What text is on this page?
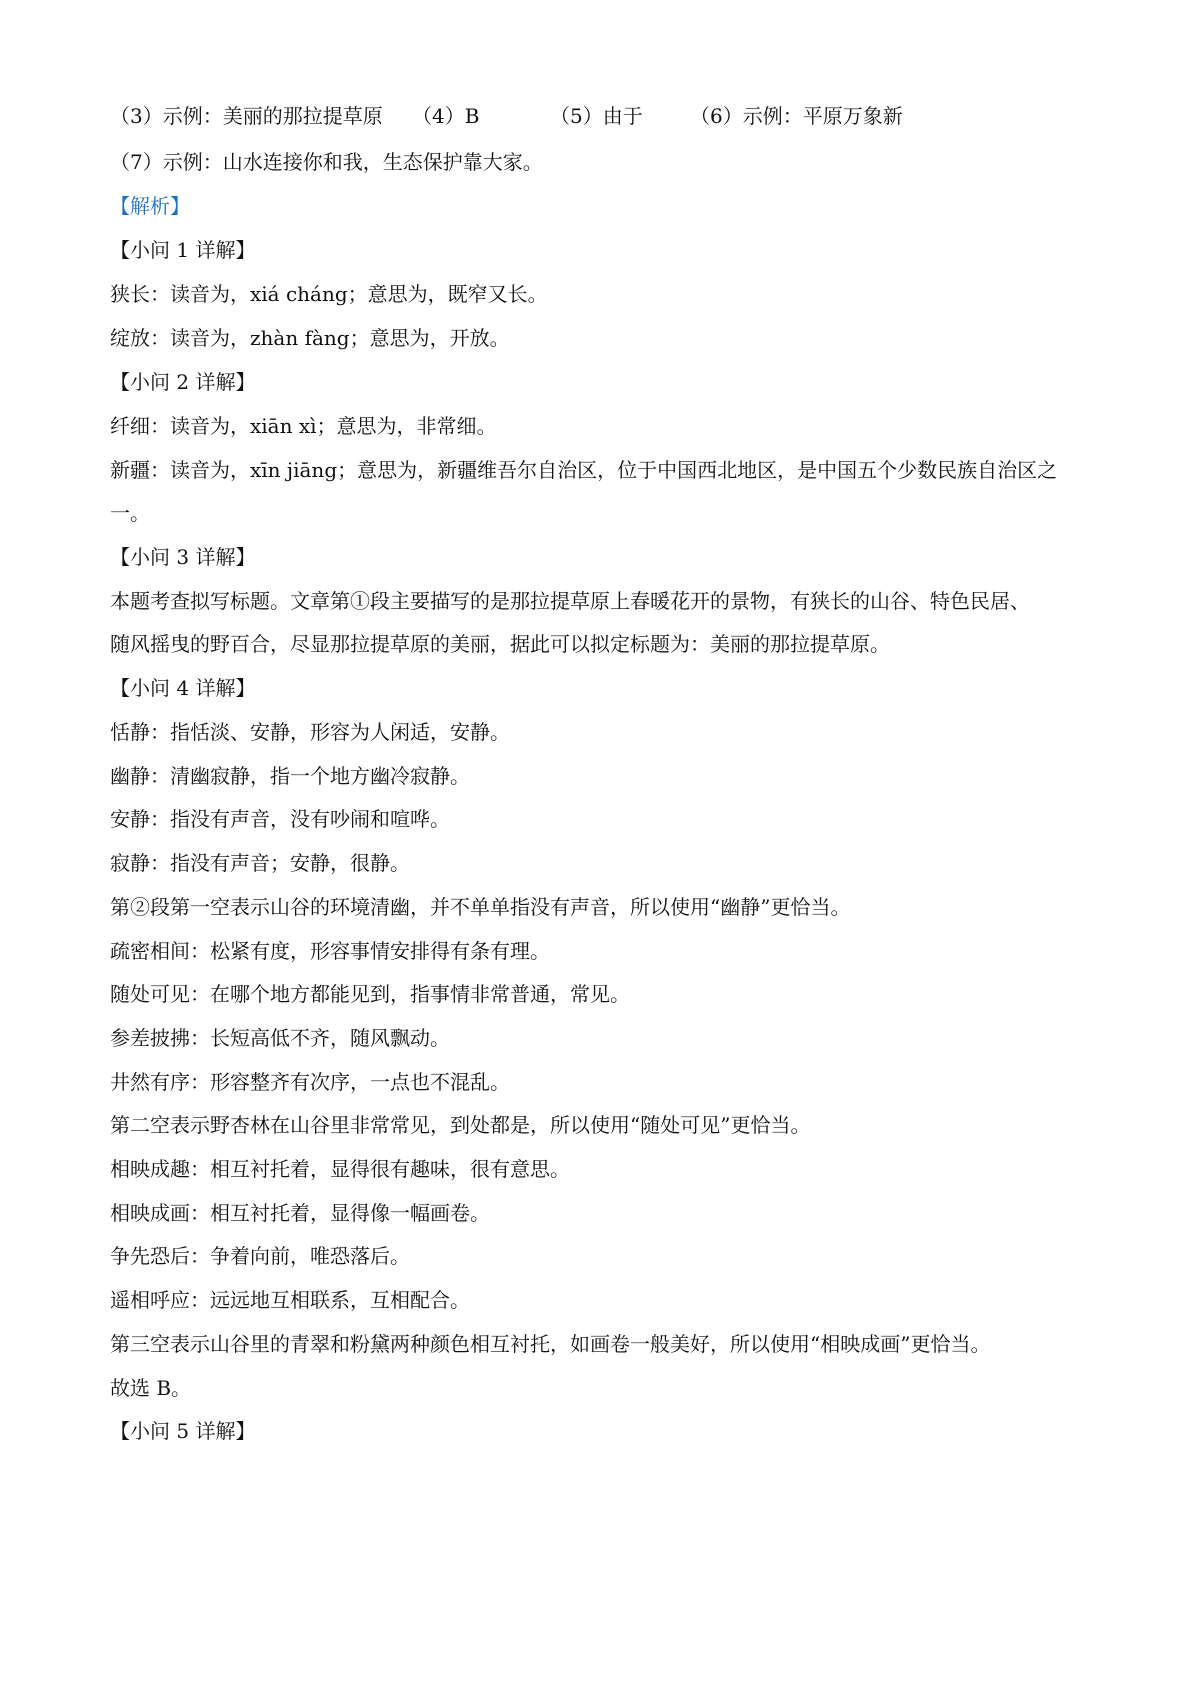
（3）示例：美丽的那拉提草原 （4）B	（5）由于 （6）示例：平原万象新
（7）示例：山水连接你和我，生态保护靠大家。
【解析】
【小问 1 详解】
狭长：读音为，xiá cháng；意思为，既窄又长。
绽放：读音为，zhàn fàng；意思为，开放。
【小问 2 详解】
纤细：读音为，xiān xì；意思为，非常细。
新疆：读音为，xīn jiāng；意思为，新疆维吾尔自治区，位于中国西北地区，是中国五个少数民族自治区之
一。
【小问 3 详解】
本题考查拟写标题。文章第①段主要描写的是那拉提草原上春暖花开的景物，有狭长的山谷、特色民居、
随风摇曳的野百合，尽显那拉提草原的美丽，据此可以拟定标题为：美丽的那拉提草原。
【小问 4 详解】
恬静：指恬淡、安静，形容为人闲适，安静。
幽静：清幽寂静，指一个地方幽冷寂静。
安静：指没有声音，没有吵闹和喧哗。
寂静：指没有声音；安静，很静。
第②段第一空表示山谷的环境清幽，并不单单指没有声音，所以使用“幽静”更恰当。
疏密相间：松紧有度，形容事情安排得有条有理。
随处可见：在哪个地方都能见到，指事情非常普通，常见。
参差披拂：长短高低不齐，随风飘动。
井然有序：形容整齐有次序，一点也不混乱。
第二空表示野杏林在山谷里非常常见，到处都是，所以使用“随处可见”更恰当。
相映成趣：相互衬托着，显得很有趣味，很有意思。
相映成画：相互衬托着，显得像一幅画卷。
争先恐后：争着向前，唯恐落后。
遥相呼应：远远地互相联系，互相配合。
第三空表示山谷里的青翠和粉黛两种颜色相互衬托，如画卷一般美好，所以使用“相映成画”更恰当。
故选 B。
【小问 5 详解】
